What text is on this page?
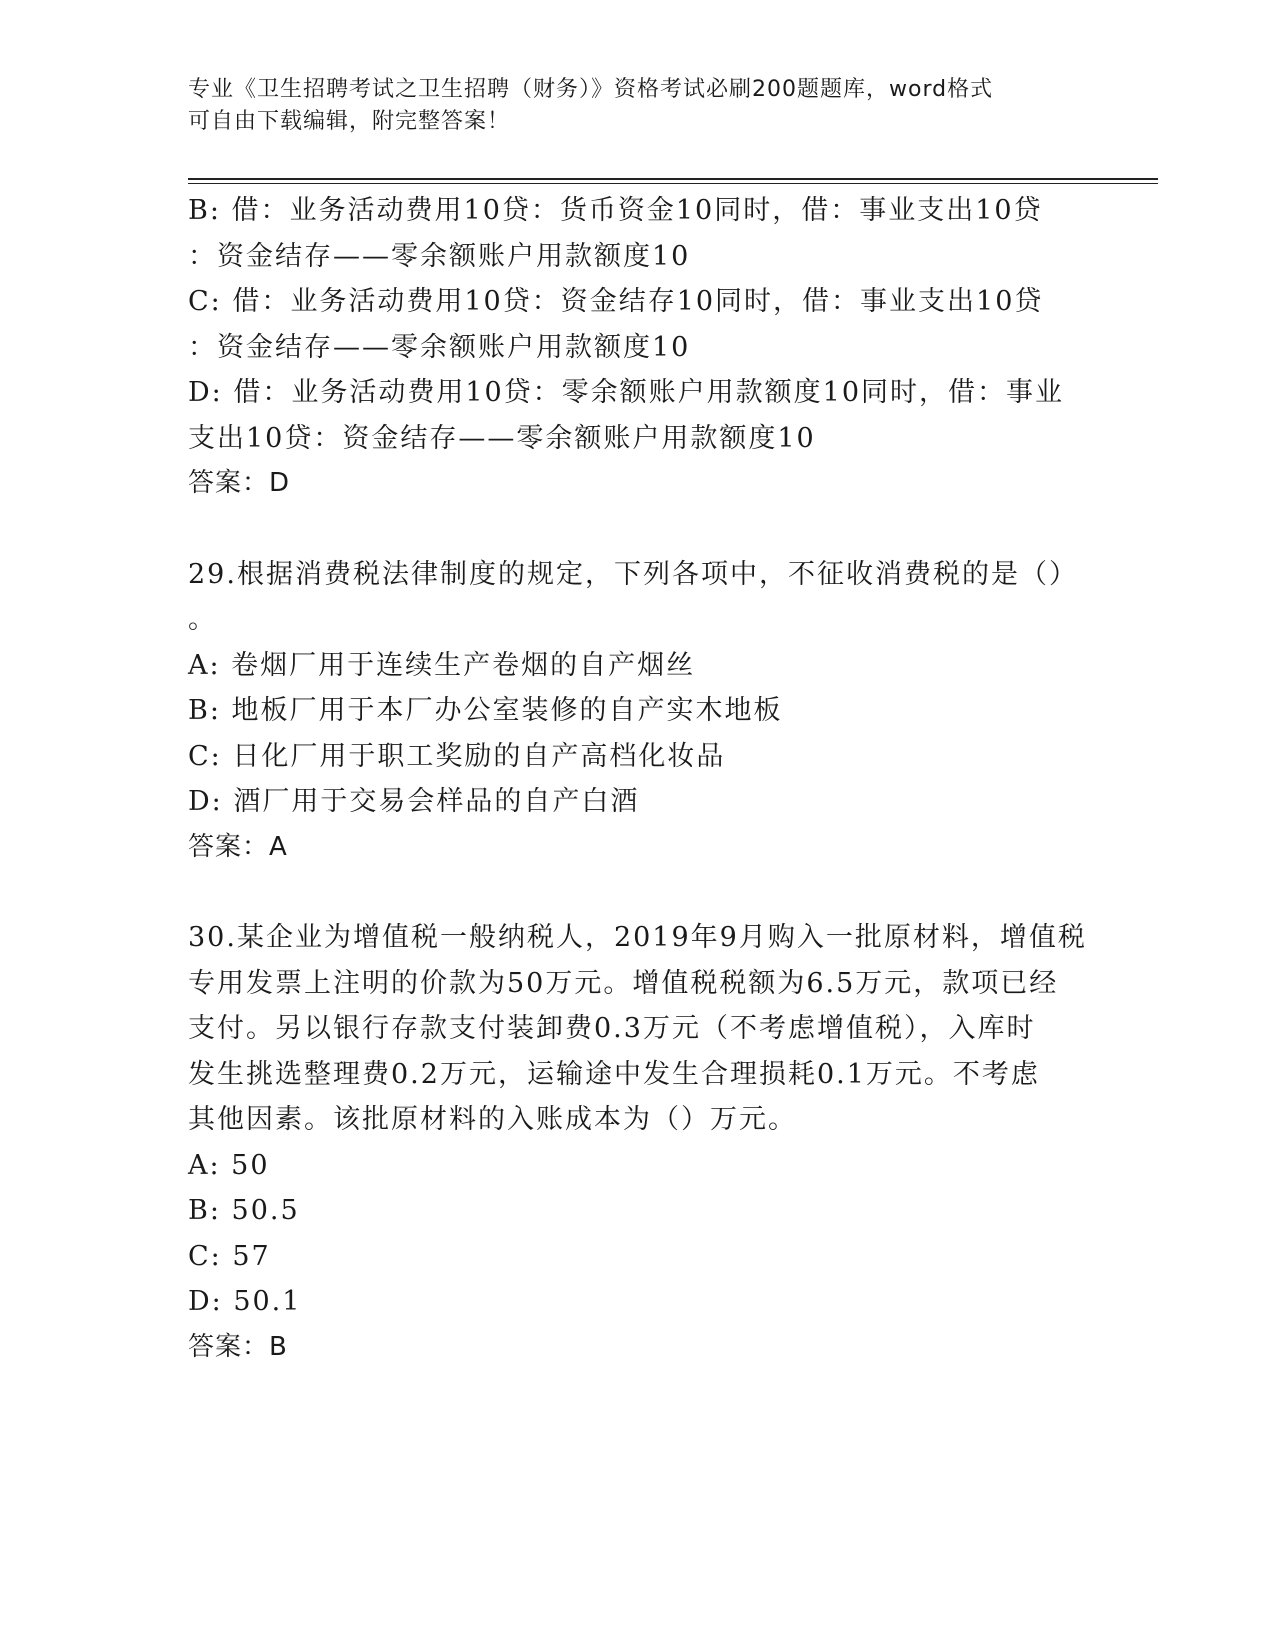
专业《卫生招聘考试之卫生招聘（财务）》资格考试必刷200题题库，word格式
可自由下载编辑，附完整答案！
B: 借：业务活动费用10贷：货币资金10同时，借：事业支出10贷
：资金结存——零余额账户用款额度10
C: 借：业务活动费用10贷：资金结存10同时，借：事业支出10贷
：资金结存——零余额账户用款额度10
D: 借：业务活动费用10贷：零余额账户用款额度10同时，借：事业
支出10贷：资金结存——零余额账户用款额度10
答案：D
29.根据消费税法律制度的规定，下列各项中，不征收消费税的是（）
。
A: 卷烟厂用于连续生产卷烟的自产烟丝
B: 地板厂用于本厂办公室装修的自产实木地板
C: 日化厂用于职工奖励的自产高档化妆品
D: 酒厂用于交易会样品的自产白酒
答案：A
30.某企业为增值税一般纳税人，2019年9月购入一批原材料，增值税
专用发票上注明的价款为50万元。增值税税额为6.5万元，款项已经
支付。另以银行存款支付装卸费0.3万元（不考虑增值税），入库时
发生挑选整理费0.2万元，运输途中发生合理损耗0.1万元。不考虑
其他因素。该批原材料的入账成本为（）万元。
A: 50
B: 50.5
C: 57
D: 50.1
答案：B
